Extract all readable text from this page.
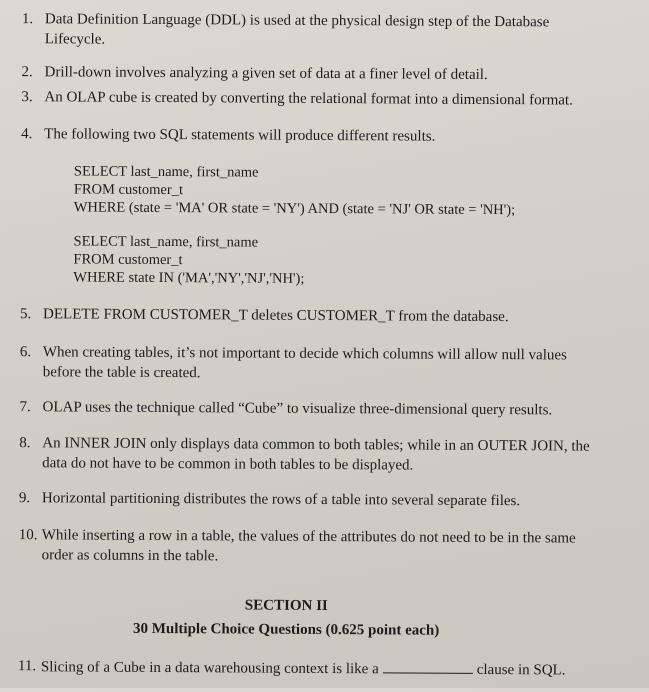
1. Data Definition Language (DDL) is used at the physical design step of the Database
Lifecycle.
2. Drill-down involves analyzing a given set of data at a finer level of detail.
3. An OLAP cube is created by converting the relational format into a dimensional format.
4. The following two SQL statements will produce different results.
SELECT last_name, first_name
FROM customer_t
WHERE (state = 'MA' OR state = 'NY') AND (state = 'NJ' OR state = 'NH');
SELECT last_name, first_name
FROM customer_t
WHERE state IN ('MA','NY','NJ','NH');
5. DELETE FROM CUSTOMER_T deletes CUSTOMER_T from the database.
6. When creating tables, it’s not important to decide which columns will allow null values
before the table is created.
7. OLAP uses the technique called “Cube” to visualize three-dimensional query results.
8. An INNER JOIN only displays data common to both tables; while in an OUTER JOIN, the
data do not have to be common in both tables to be displayed.
9. Horizontal partitioning distributes the rows of a table into several separate files.
10. While inserting a row in a table, the values of the attributes do not need to be in the same
order as columns in the table.
SECTION II
30 Multiple Choice Questions (0.625 point each)
11. Slicing of a Cube in a data warehousing context is like a	clause in SQL.
